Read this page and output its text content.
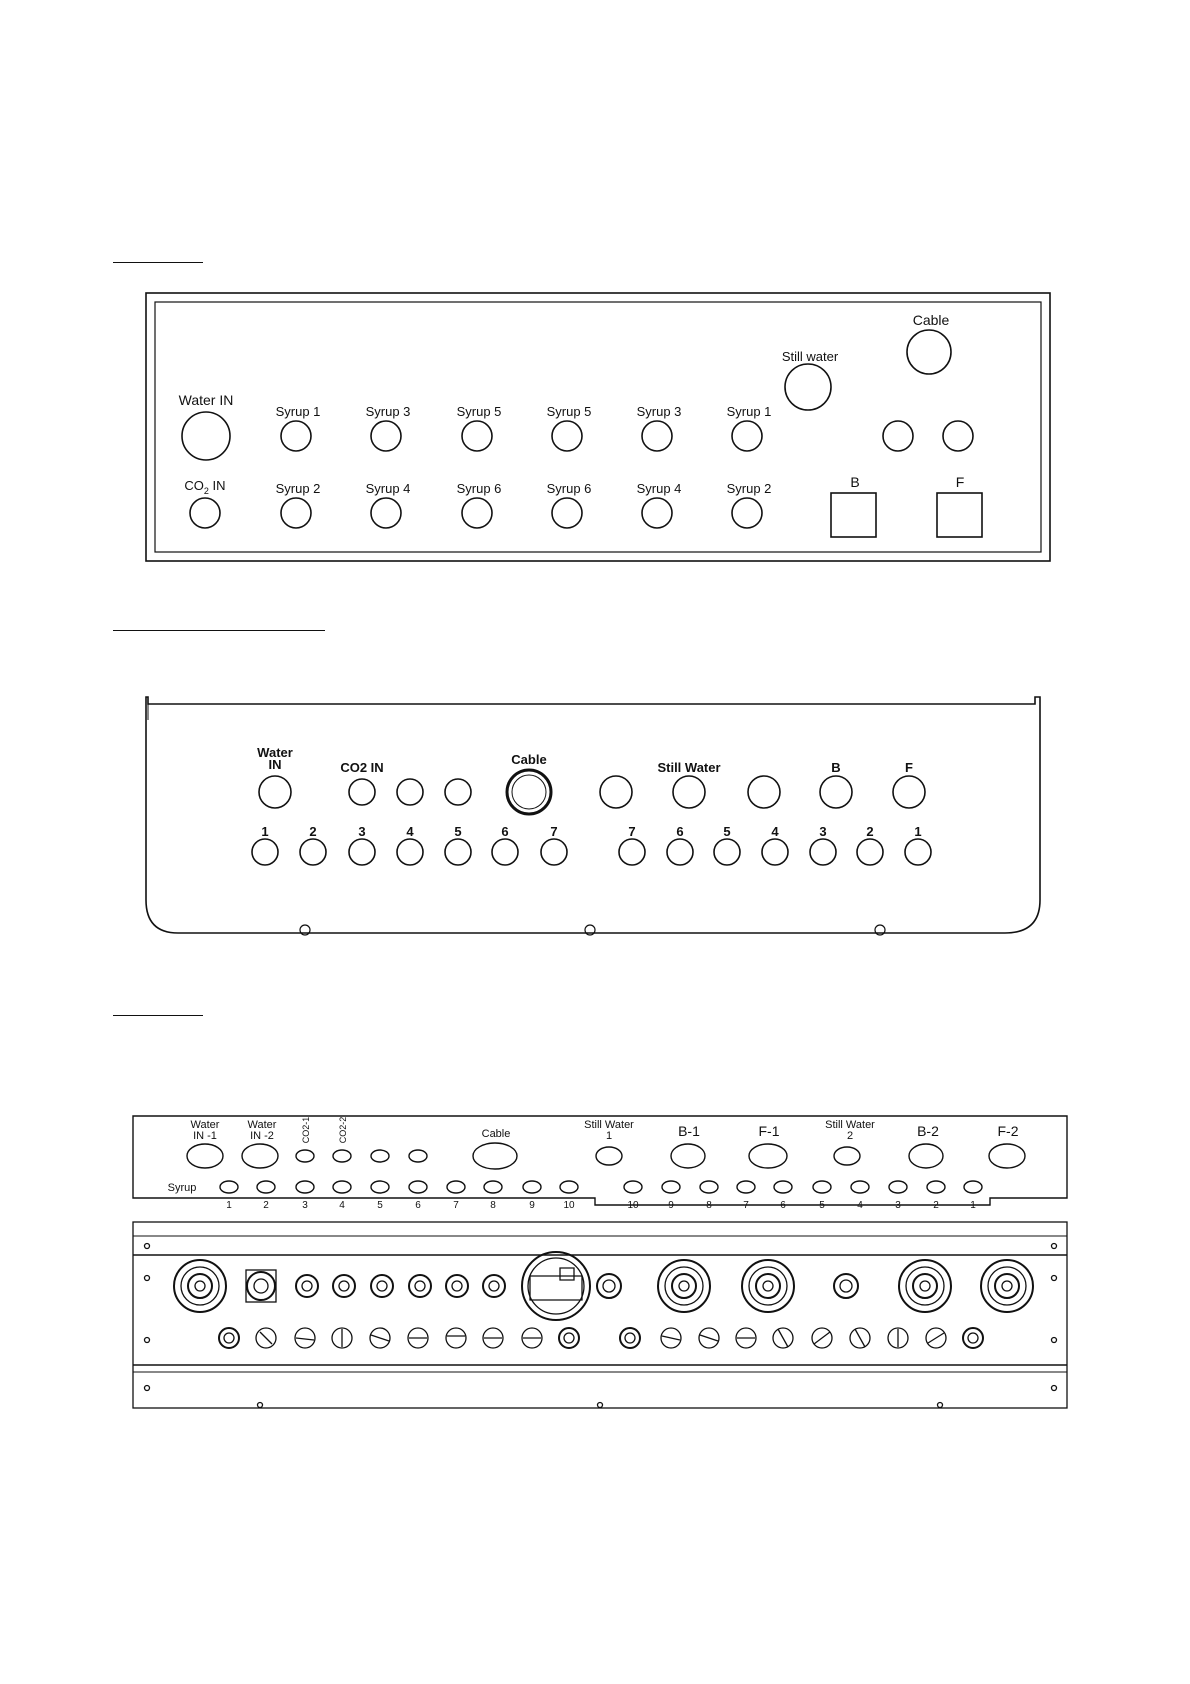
Water IN
$CO_2$ IN
Syrup 1	Syrup 3	Syrup 5	Syrup 5	Syrup 3	Syrup 1
Syrup 2	Syrup 4	Syrup 6	Syrup 6	Syrup 4	Syrup 2
Still water
Cable
B	F
Water
IN	CO2 IN
Cable
Still Water	B	F
1	2	3	4	5	6	7	7	6	5	4	3	2	1
Water
IN -1
Water
IN -2	CO2-1	CO2-2	Cable
Still Water
1	B-1	F-1	Still Water
2	B-2	F-2
Syrup
1	2	3	4	5	6	7	8	9	10	10	9	8	7	6	5	4	3	2	1
